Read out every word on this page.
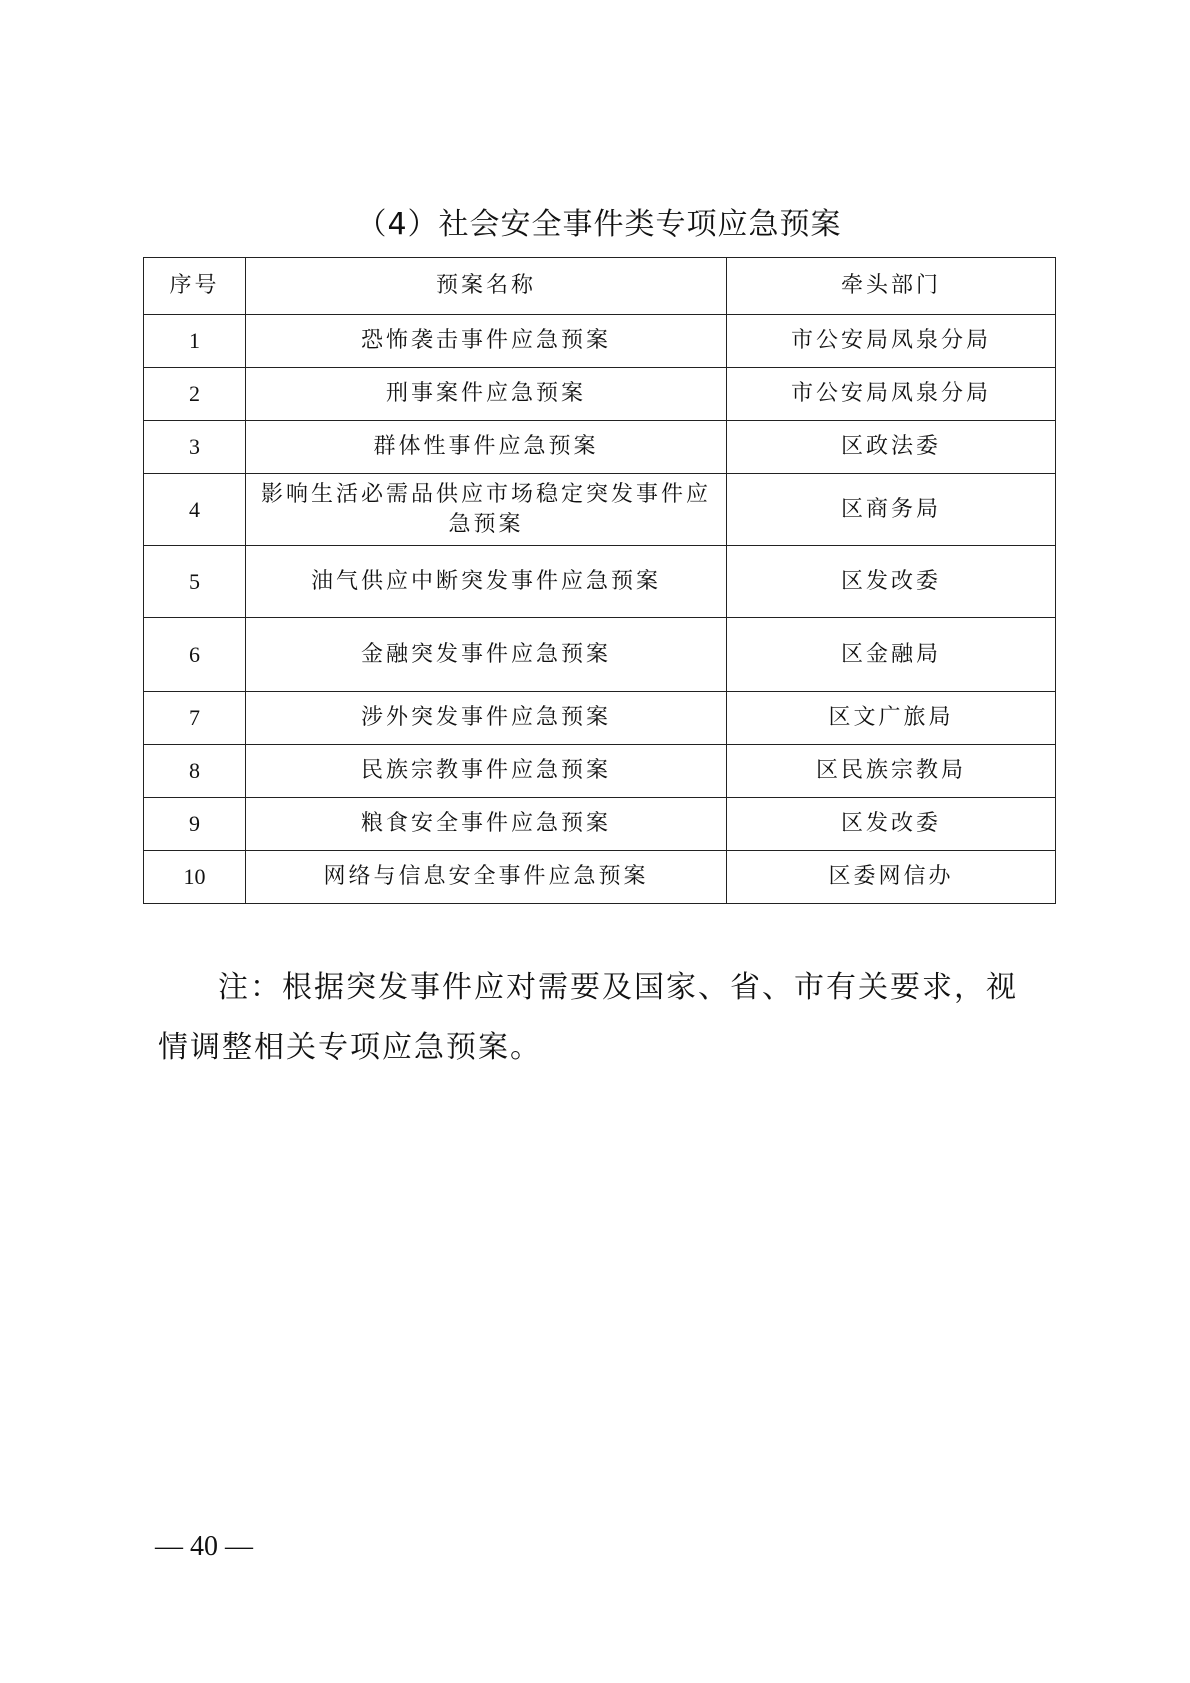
（4）社会安全事件类专项应急预案
序号	预案名称	牵头部门
1	恐怖袭击事件应急预案	市公安局凤泉分局
2	刑事案件应急预案	市公安局凤泉分局
3	群体性事件应急预案	区政法委
4	影响生活必需品供应市场稳定突发事件应急预案	区商务局
5	油气供应中断突发事件应急预案	区发改委
6	金融突发事件应急预案	区金融局
7	涉外突发事件应急预案	区文广旅局
8	民族宗教事件应急预案	区民族宗教局
9	粮食安全事件应急预案	区发改委
10	网络与信息安全事件应急预案	区委网信办
注：根据突发事件应对需要及国家、省、市有关要求，视情调整相关专项应急预案。
— 40 —
